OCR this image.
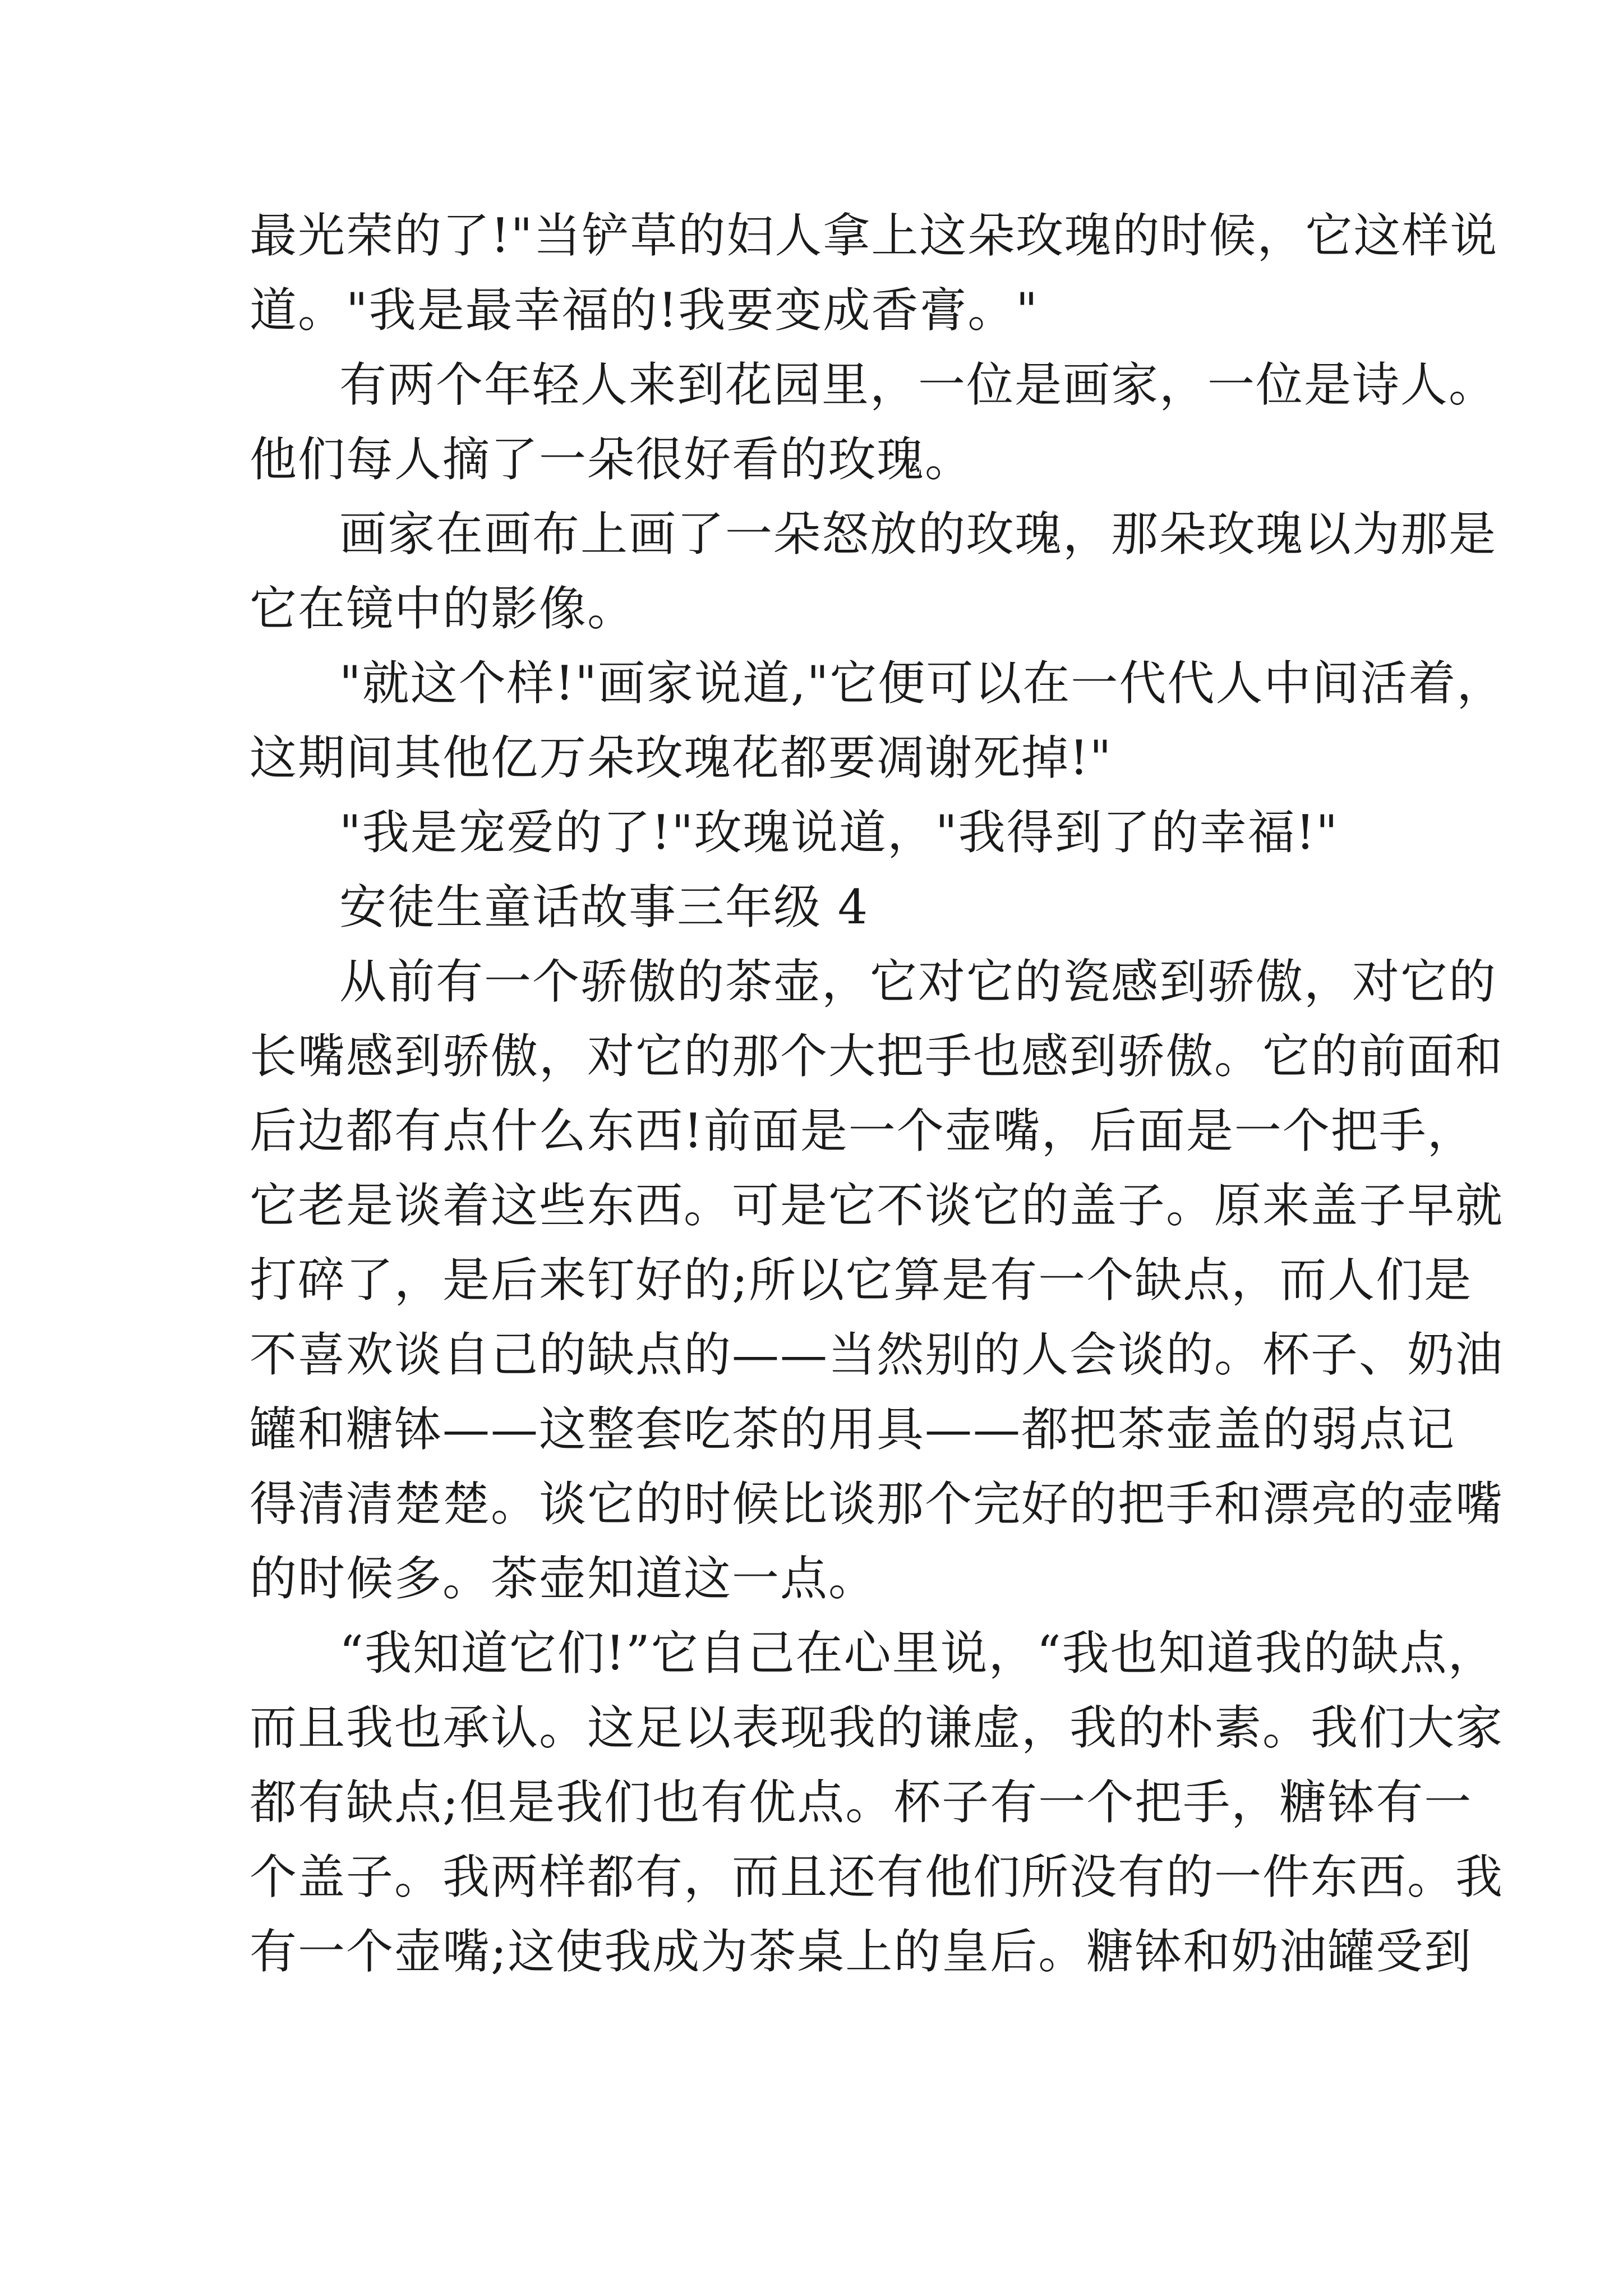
最光荣的了!"当铲草的妇人拿上这朵玫瑰的时候，它这样说
道。"我是最幸福的!我要变成香膏。"
有两个年轻人来到花园里，一位是画家，一位是诗人。
他们每人摘了一朵很好看的玫瑰。
画家在画布上画了一朵怒放的玫瑰，那朵玫瑰以为那是
它在镜中的影像。
"就这个样!"画家说道,"它便可以在一代代人中间活着，
这期间其他亿万朵玫瑰花都要凋谢死掉!"
"我是宠爱的了!"玫瑰说道，"我得到了的幸福!"
安徒生童话故事三年级 4
从前有一个骄傲的茶壶，它对它的瓷感到骄傲，对它的
长嘴感到骄傲，对它的那个大把手也感到骄傲。它的前面和
后边都有点什么东西!前面是一个壶嘴，后面是一个把手，
它老是谈着这些东西。可是它不谈它的盖子。原来盖子早就
打碎了，是后来钉好的;所以它算是有一个缺点，而人们是
不喜欢谈自己的缺点的——当然别的人会谈的。杯子、奶油
罐和糖钵——这整套吃茶的用具——都把茶壶盖的弱点记
得清清楚楚。谈它的时候比谈那个完好的把手和漂亮的壶嘴
的时候多。茶壶知道这一点。
“我知道它们!”它自己在心里说，“我也知道我的缺点，
而且我也承认。这足以表现我的谦虚，我的朴素。我们大家
都有缺点;但是我们也有优点。杯子有一个把手，糖钵有一
个盖子。我两样都有，而且还有他们所没有的一件东西。我
有一个壶嘴;这使我成为茶桌上的皇后。糖钵和奶油罐受到
